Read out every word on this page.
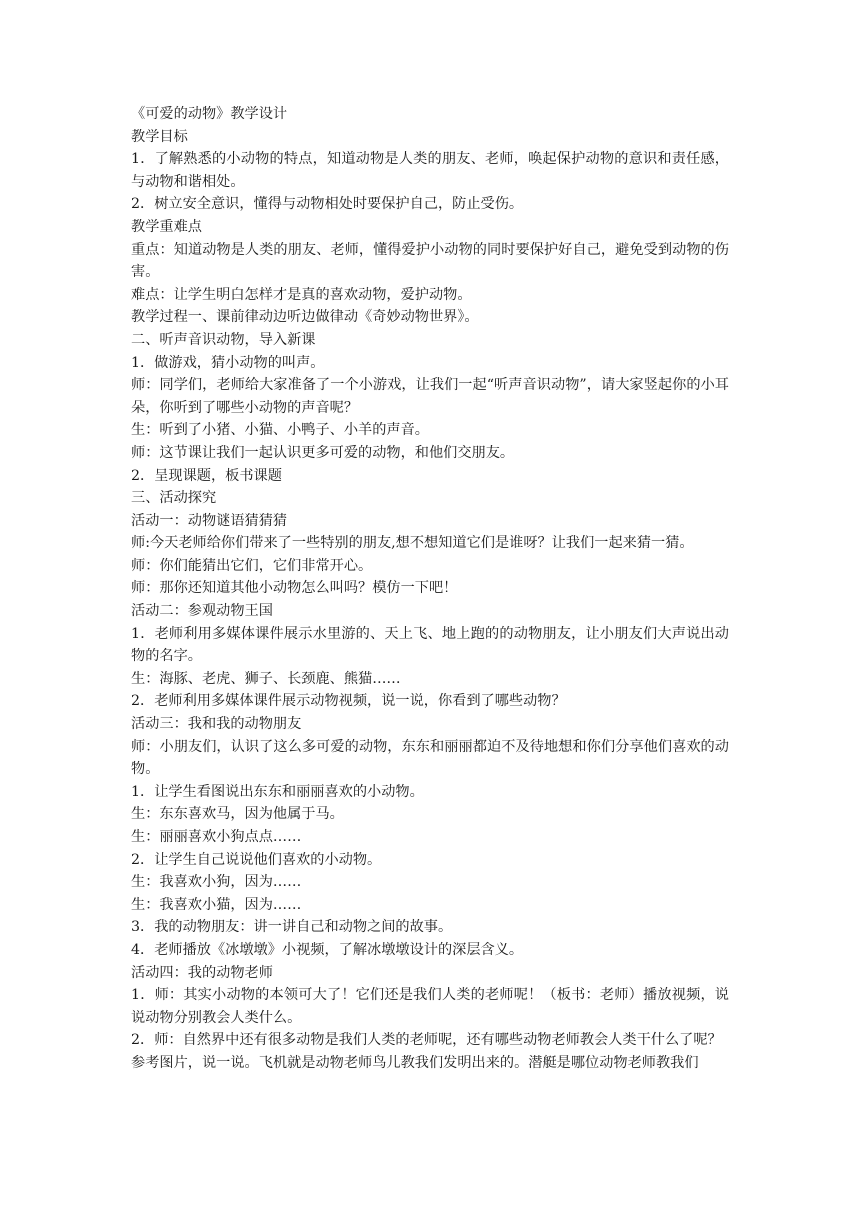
《可爱的动物》教学设计

教学目标

1．了解熟悉的小动物的特点，知道动物是人类的朋友、老师，唤起保护动物的意识和责任感，与动物和谐相处。

2．树立安全意识，懂得与动物相处时要保护自己，防止受伤。

教学重难点

重点：知道动物是人类的朋友、老师，懂得爱护小动物的同时要保护好自己，避免受到动物的伤害。

难点：让学生明白怎样才是真的喜欢动物，爱护动物。

教学过程一、课前律动边听边做律动《奇妙动物世界》。

二、听声音识动物，导入新课

1．做游戏，猜小动物的叫声。

师：同学们，老师给大家准备了一个小游戏，让我们一起“听声音识动物”，请大家竖起你的小耳朵，你听到了哪些小动物的声音呢？

生：听到了小猪、小猫、小鸭子、小羊的声音。

师：这节课让我们一起认识更多可爱的动物，和他们交朋友。

2．呈现课题，板书课题

三、活动探究

活动一：动物谜语猜猜猜

师:今天老师给你们带来了一些特别的朋友,想不想知道它们是谁呀？让我们一起来猜一猜。

师：你们能猜出它们，它们非常开心。

师：那你还知道其他小动物怎么叫吗？模仿一下吧！

活动二：参观动物王国

1．老师利用多媒体课件展示水里游的、天上飞、地上跑的的动物朋友，让小朋友们大声说出动物的名字。

生：海豚、老虎、狮子、长颈鹿、熊猫……

2．老师利用多媒体课件展示动物视频，说一说，你看到了哪些动物？

活动三：我和我的动物朋友

师：小朋友们，认识了这么多可爱的动物，东东和丽丽都迫不及待地想和你们分享他们喜欢的动物。

1．让学生看图说出东东和丽丽喜欢的小动物。

生：东东喜欢马，因为他属于马。

生：丽丽喜欢小狗点点……

2．让学生自己说说他们喜欢的小动物。

生：我喜欢小狗，因为……

生：我喜欢小猫，因为……

3．我的动物朋友：讲一讲自己和动物之间的故事。

4．老师播放《冰墩墩》小视频，了解冰墩墩设计的深层含义。

活动四：我的动物老师

1．师：其实小动物的本领可大了！它们还是我们人类的老师呢！（板书：老师）播放视频，说说动物分别教会人类什么。

2．师：自然界中还有很多动物是我们人类的老师呢，还有哪些动物老师教会人类干什么了呢？

参考图片，说一说。飞机就是动物老师鸟儿教我们发明出来的。潜艇是哪位动物老师教我们
